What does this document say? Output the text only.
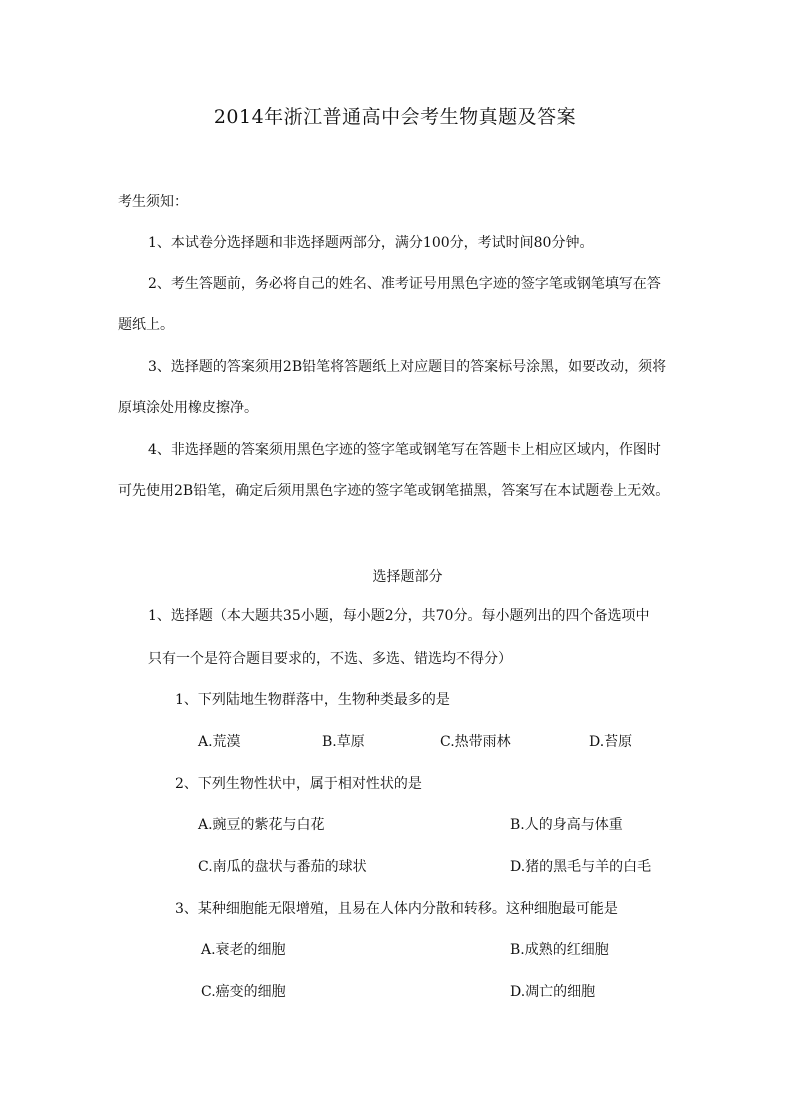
2014年浙江普通高中会考生物真题及答案
考生须知：
1、本试卷分选择题和非选择题两部分，满分100分，考试时间80分钟。
2、考生答题前，务必将自己的姓名、准考证号用黑色字迹的签字笔或钢笔填写在答
题纸上。
3、选择题的答案须用2B铅笔将答题纸上对应题目的答案标号涂黑，如要改动，须将
原填涂处用橡皮擦净。
4、非选择题的答案须用黑色字迹的签字笔或钢笔写在答题卡上相应区域内，作图时
可先使用2B铅笔，确定后须用黑色字迹的签字笔或钢笔描黑，答案写在本试题卷上无效。
选择题部分
1、选择题（本大题共35小题，每小题2分，共70分。每小题列出的四个备选项中
只有一个是符合题目要求的，不选、多选、错选均不得分）
1、下列陆地生物群落中，生物种类最多的是
A.荒漠	B.草原	C.热带雨林	D.苔原
2、下列生物性状中，属于相对性状的是
A.豌豆的紫花与白花	B.人的身高与体重
C.南瓜的盘状与番茄的球状	D.猪的黑毛与羊的白毛
3、某种细胞能无限增殖，且易在人体内分散和转移。这种细胞最可能是
A.衰老的细胞	B.成熟的红细胞
C.癌变的细胞	D.凋亡的细胞
